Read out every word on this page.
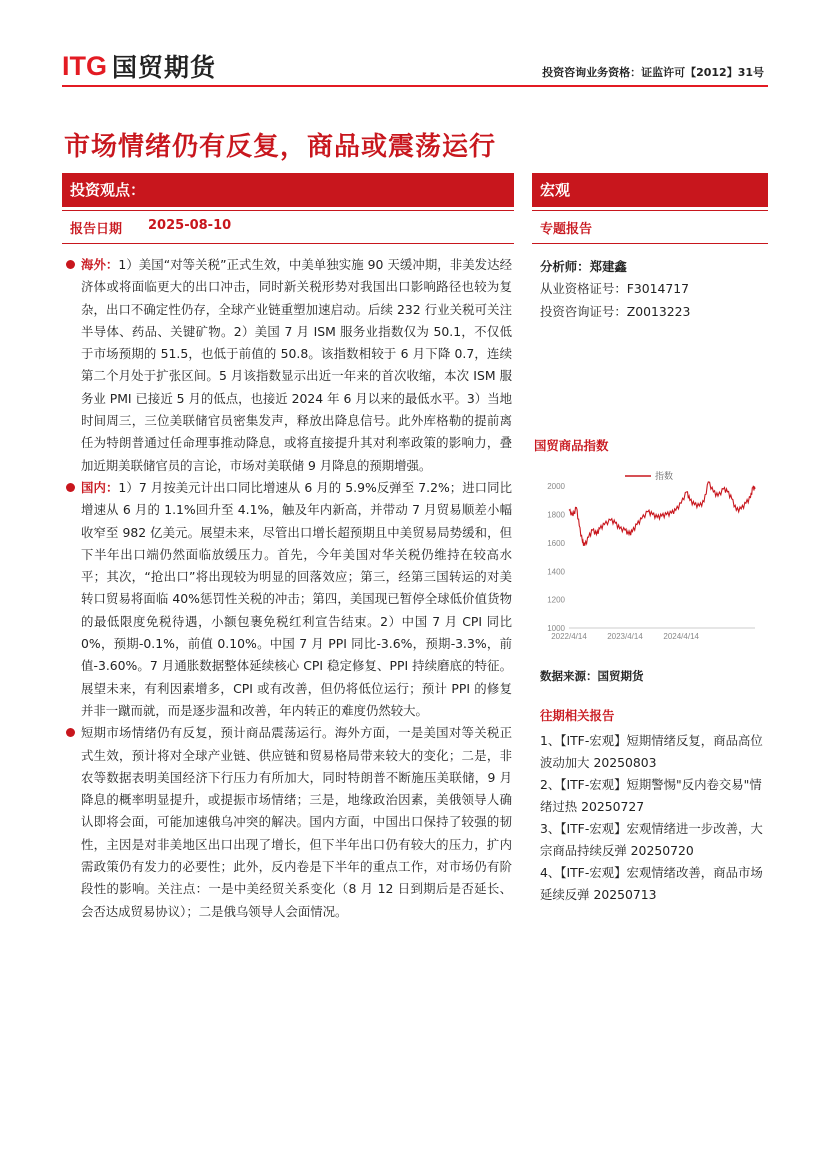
ITG 国贸期货	投资咨询业务资格：证监许可【2012】31号
市场情绪仍有反复，商品或震荡运行
投资观点：	宏观
报告日期 2025-08-10	专题报告
海外：1）美国“对等关税”正式生效，中美单独实施 90 天缓冲期，非美发达经济体或将面临更大的出口冲击，同时新关税形势对我国出口影响路径也较为复杂，出口不确定性仍存，全球产业链重塑加速启动。后续 232 行业关税可关注半导体、药品、关键矿物。2）美国 7 月 ISM 服务业指数仅为 50.1，不仅低于市场预期的 51.5，也低于前值的 50.8。该指数相较于 6 月下降 0.7，连续第二个月处于扩张区间。5 月该指数显示出近一年来的首次收缩，本次 ISM 服务业 PMI 已接近 5 月的低点，也接近 2024 年 6 月以来的最低水平。3）当地时间周三，三位美联储官员密集发声，释放出降息信号。此外库格勒的提前离任为特朗普通过任命理事推动降息，或将直接提升其对利率政策的影响力，叠加近期美联储官员的言论，市场对美联储 9 月降息的预期增强。
国内：1）7 月按美元计出口同比增速从 6 月的 5.9%反弹至 7.2%；进口同比增速从 6 月的 1.1%回升至 4.1%，触及年内新高，并带动 7 月贸易顺差小幅收窄至 982 亿美元。展望未来，尽管出口增长超预期且中美贸易局势缓和，但下半年出口端仍然面临放缓压力。首先，今年美国对华关税仍维持在较高水平；其次，“抢出口”将出现较为明显的回落效应；第三，经第三国转运的对美转口贸易将面临 40%惩罚性关税的冲击；第四，美国现已暂停全球低价值货物的最低限度免税待遇，小额包裹免税红利宣告结束。2）中国 7 月 CPI 同比 0%，预期-0.1%，前值 0.10%。中国 7 月 PPI 同比-3.6%，预期-3.3%，前值-3.60%。7 月通胀数据整体延续核心 CPI 稳定修复、PPI 持续磨底的特征。展望未来，有利因素增多，CPI 或有改善，但仍将低位运行；预计 PPI 的修复并非一蹴而就，而是逐步温和改善，年内转正的难度仍然较大。
短期市场情绪仍有反复，预计商品震荡运行。海外方面，一是美国对等关税正式生效，预计将对全球产业链、供应链和贸易格局带来较大的变化；二是，非农等数据表明美国经济下行压力有所加大，同时特朗普不断施压美联储，9 月降息的概率明显提升，或提振市场情绪；三是，地缘政治因素，美俄领导人确认即将会面，可能加速俄乌冲突的解决。国内方面，中国出口保持了较强的韧性，主因是对非美地区出口出现了增长，但下半年出口仍有较大的压力，扩内需政策仍有发力的必要性；此外，反内卷是下半年的重点工作，对市场仍有阶段性的影响。关注点：一是中美经贸关系变化（8 月 12 日到期后是否延长、会否达成贸易协议）；二是俄乌领导人会面情况。
分析师：郑建鑫
从业资格证号：F3014717
投资咨询证号：Z0013223
国贸商品指数
1000
1200
1400
1600
1800
2000
2022/4/14	2023/4/14	2024/4/14
指数
数据来源：国贸期货
往期相关报告
1、【ITF-宏观】短期情绪反复，商品高位波动加大 20250803
2、【ITF-宏观】短期警惕"反内卷交易"情绪过热 20250727
3、【ITF-宏观】宏观情绪进一步改善，大宗商品持续反弹 20250720
4、【ITF-宏观】宏观情绪改善，商品市场延续反弹 20250713
